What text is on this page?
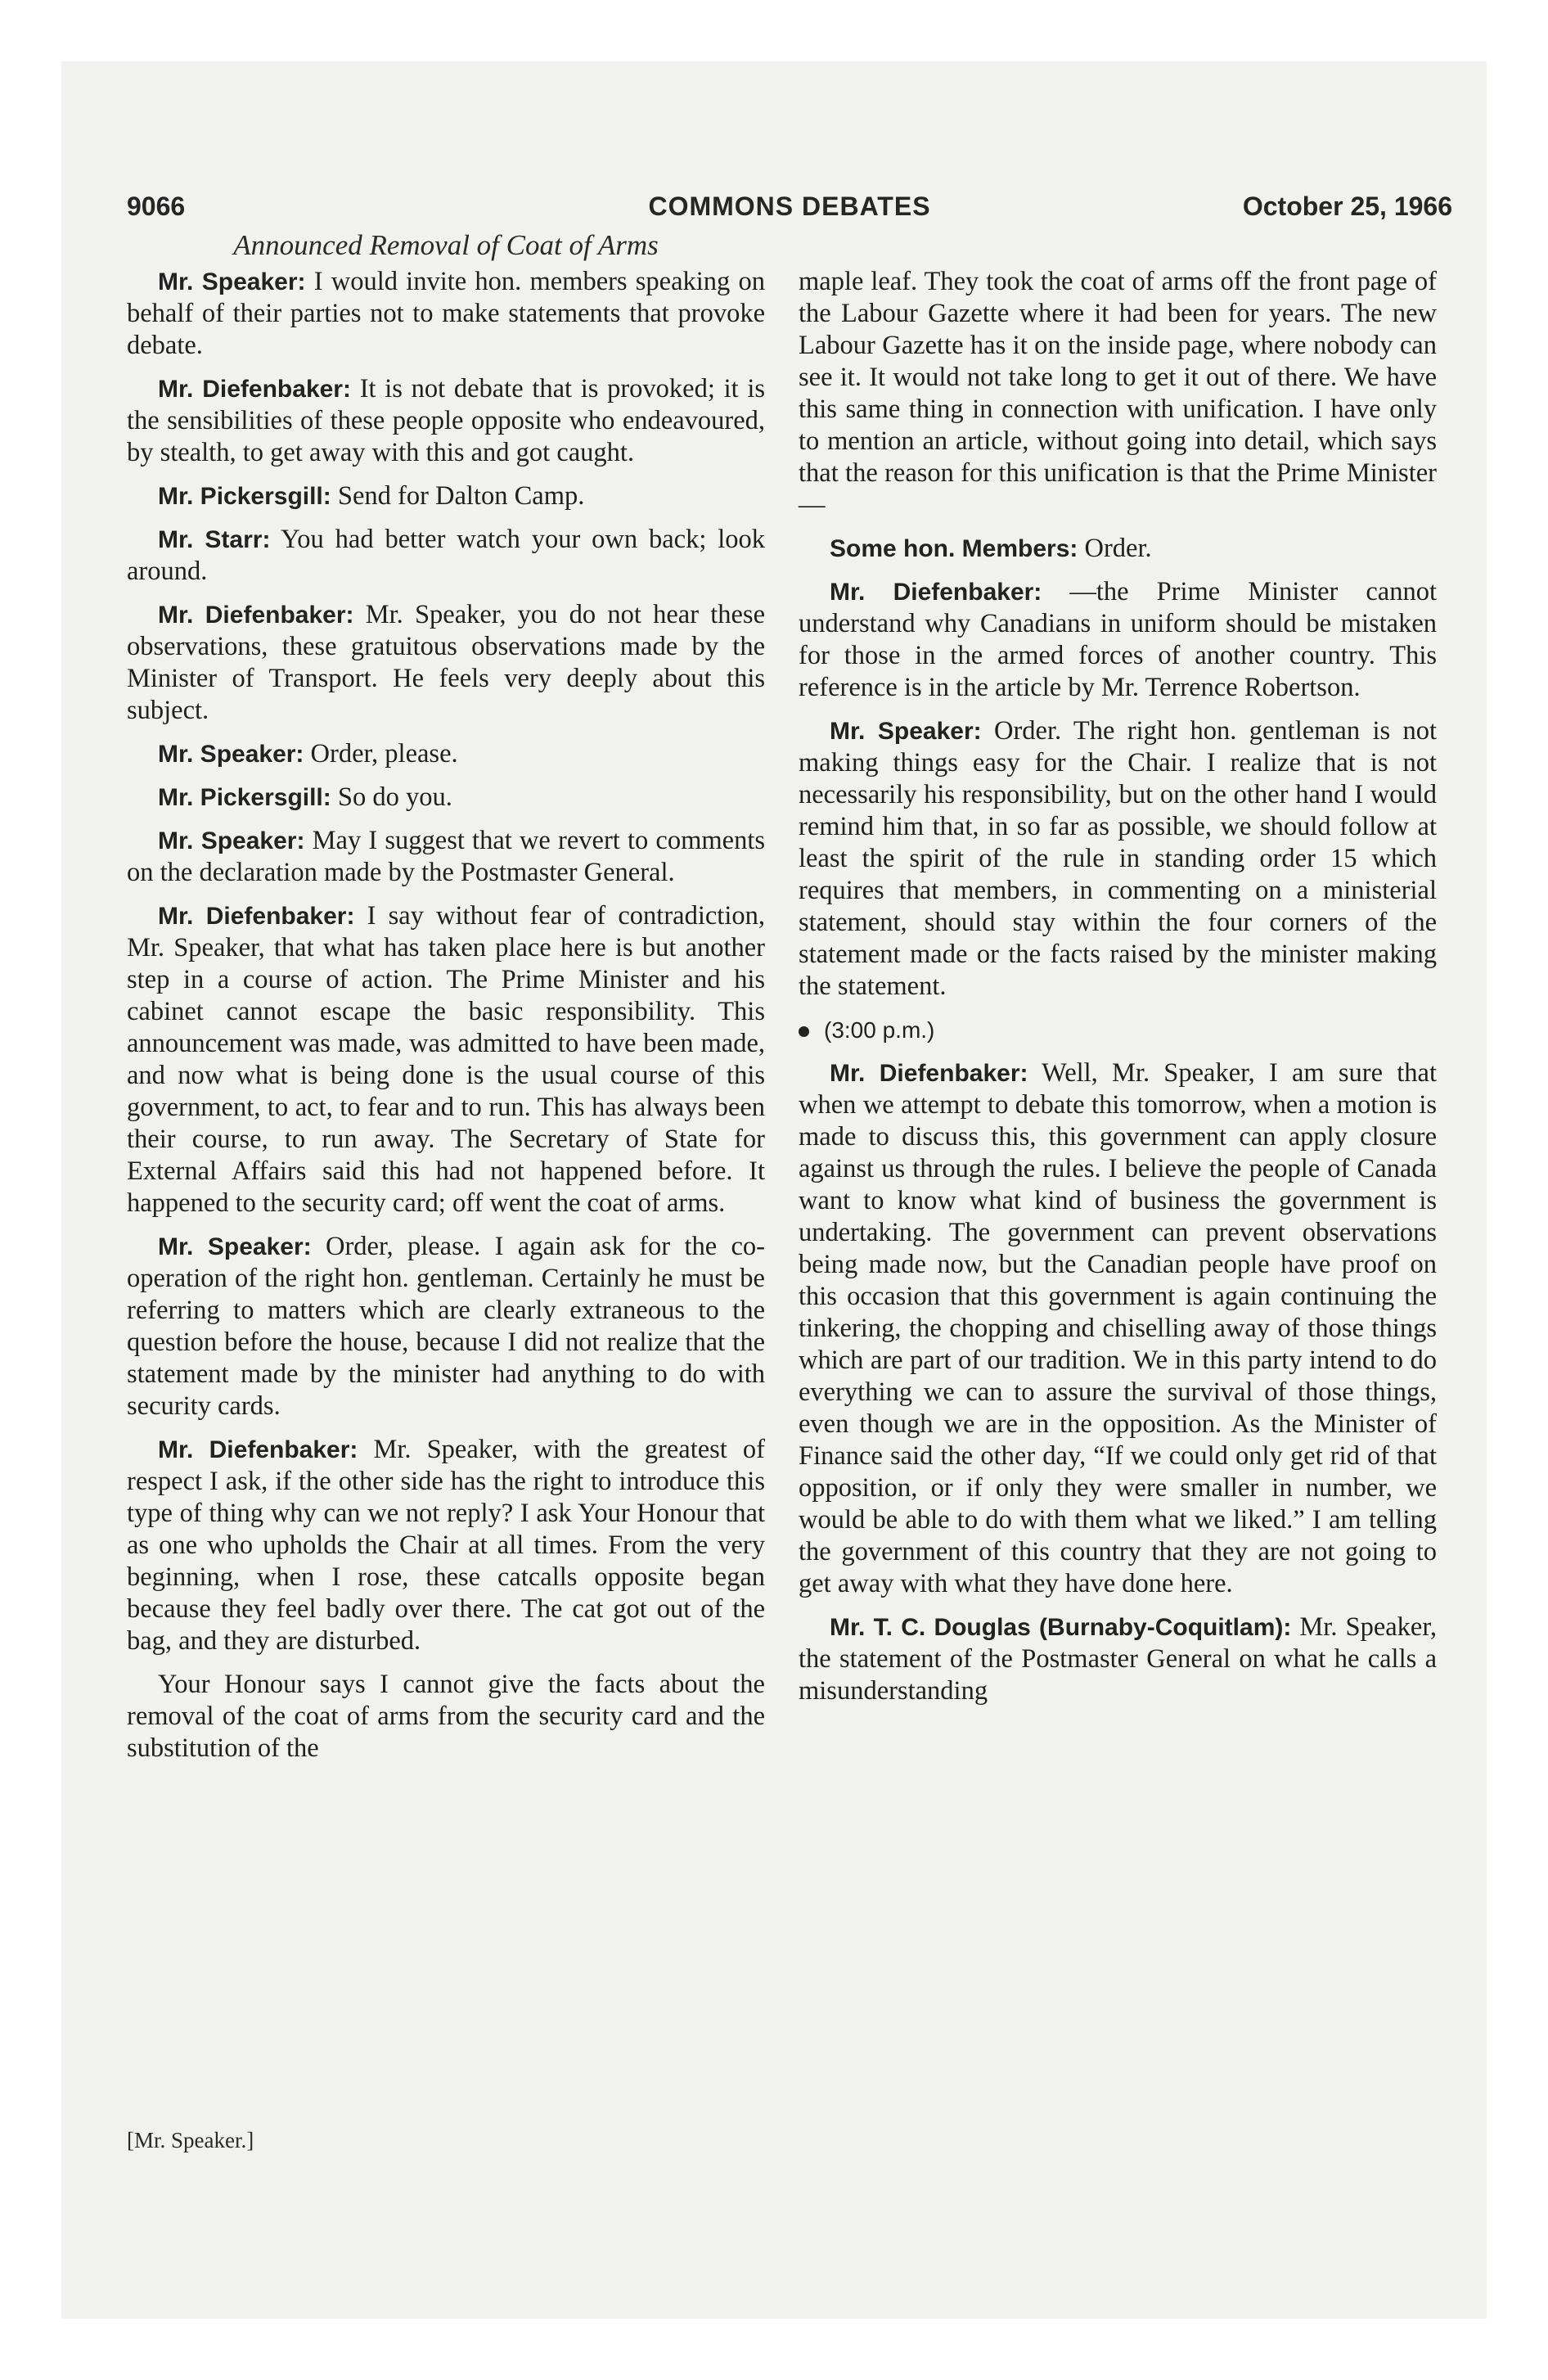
9066	COMMONS DEBATES	October 25, 1966
Announced Removal of Coat of Arms

Mr. Speaker: I would invite hon. members speaking on behalf of their parties not to make statements that provoke debate.

Mr. Diefenbaker: It is not debate that is provoked; it is the sensibilities of these people opposite who endeavoured, by stealth, to get away with this and got caught.

Mr. Pickersgill: Send for Dalton Camp.

Mr. Starr: You had better watch your own back; look around.

Mr. Diefenbaker: Mr. Speaker, you do not hear these observations, these gratuitous observations made by the Minister of Transport. He feels very deeply about this subject.

Mr. Speaker: Order, please.

Mr. Pickersgill: So do you.

Mr. Speaker: May I suggest that we revert to comments on the declaration made by the Postmaster General.

Mr. Diefenbaker: I say without fear of contradiction, Mr. Speaker, that what has taken place here is but another step in a course of action. The Prime Minister and his cabinet cannot escape the basic responsibility. This announcement was made, was admitted to have been made, and now what is being done is the usual course of this government, to act, to fear and to run. This has always been their course, to run away. The Secretary of State for External Affairs said this had not happened before. It happened to the security card; off went the coat of arms.

Mr. Speaker: Order, please. I again ask for the co-operation of the right hon. gentleman. Certainly he must be referring to matters which are clearly extraneous to the question before the house, because I did not realize that the statement made by the minister had anything to do with security cards.

Mr. Diefenbaker: Mr. Speaker, with the greatest of respect I ask, if the other side has the right to introduce this type of thing why can we not reply? I ask Your Honour that as one who upholds the Chair at all times. From the very beginning, when I rose, these catcalls opposite began because they feel badly over there. The cat got out of the bag, and they are disturbed.

Your Honour says I cannot give the facts about the removal of the coat of arms from the security card and the substitution of the

[Mr. Speaker.]

maple leaf. They took the coat of arms off the front page of the Labour Gazette where it had been for years. The new Labour Gazette has it on the inside page, where nobody can see it. It would not take long to get it out of there. We have this same thing in connection with unification. I have only to mention an article, without going into detail, which says that the reason for this unification is that the Prime Minister—

Some hon. Members: Order.

Mr. Diefenbaker: —the Prime Minister cannot understand why Canadians in uniform should be mistaken for those in the armed forces of another country. This reference is in the article by Mr. Terrence Robertson.

Mr. Speaker: Order. The right hon. gentleman is not making things easy for the Chair. I realize that is not necessarily his responsibility, but on the other hand I would remind him that, in so far as possible, we should follow at least the spirit of the rule in standing order 15 which requires that members, in commenting on a ministerial statement, should stay within the four corners of the statement made or the facts raised by the minister making the statement.

(3:00 p.m.)

Mr. Diefenbaker: Well, Mr. Speaker, I am sure that when we attempt to debate this tomorrow, when a motion is made to discuss this, this government can apply closure against us through the rules. I believe the people of Canada want to know what kind of business the government is undertaking. The government can prevent observations being made now, but the Canadian people have proof on this occasion that this government is again continuing the tinkering, the chopping and chiselling away of those things which are part of our tradition. We in this party intend to do everything we can to assure the survival of those things, even though we are in the opposition. As the Minister of Finance said the other day, “If we could only get rid of that opposition, or if only they were smaller in number, we would be able to do with them what we liked.” I am telling the government of this country that they are not going to get away with what they have done here.

Mr. T. C. Douglas (Burnaby-Coquitlam): Mr. Speaker, the statement of the Postmaster General on what he calls a misunderstanding
